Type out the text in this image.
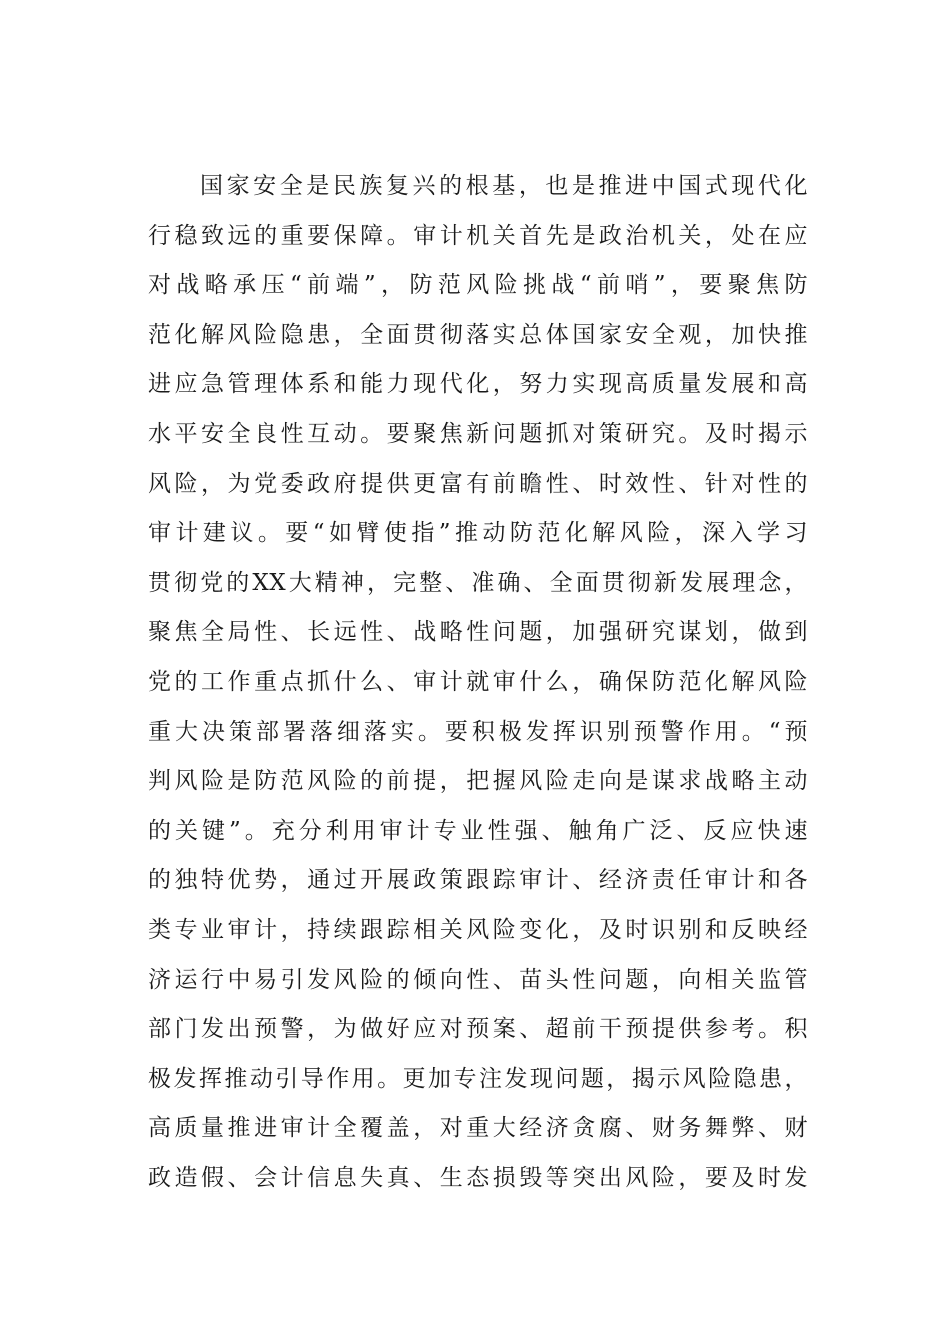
国家安全是民族复兴的根基，也是推进中国式现代化
行稳致远的重要保障。审计机关首先是政治机关，处在应
对战略承压“前端”，防范风险挑战“前哨”，要聚焦防
范化解风险隐患，全面贯彻落实总体国家安全观，加快推
进应急管理体系和能力现代化，努力实现高质量发展和高
水平安全良性互动。要聚焦新问题抓对策研究。及时揭示
风险，为党委政府提供更富有前瞻性、时效性、针对性的
审计建议。要“如臂使指”推动防范化解风险，深入学习
贯彻党的XX大精神，完整、准确、全面贯彻新发展理念，
聚焦全局性、长远性、战略性问题，加强研究谋划，做到
党的工作重点抓什么、审计就审什么，确保防范化解风险
重大决策部署落细落实。要积极发挥识别预警作用。“预
判风险是防范风险的前提，把握风险走向是谋求战略主动
的关键”。充分利用审计专业性强、触角广泛、反应快速
的独特优势，通过开展政策跟踪审计、经济责任审计和各
类专业审计，持续跟踪相关风险变化，及时识别和反映经
济运行中易引发风险的倾向性、苗头性问题，向相关监管
部门发出预警，为做好应对预案、超前干预提供参考。积
极发挥推动引导作用。更加专注发现问题，揭示风险隐患，
高质量推进审计全覆盖，对重大经济贪腐、财务舞弊、财
政造假、会计信息失真、生态损毁等突出风险，要及时发
